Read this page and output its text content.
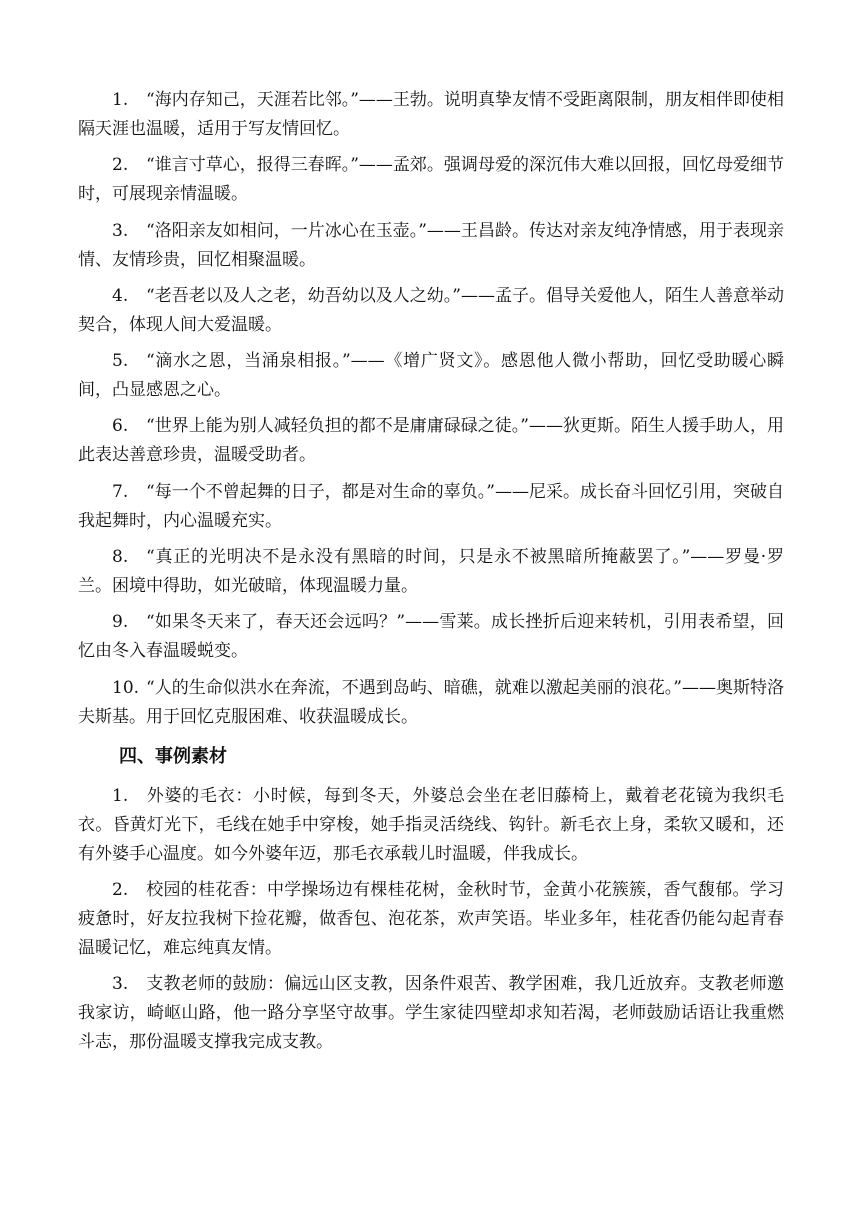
1. “海内存知己，天涯若比邻。”——王勃。说明真挚友情不受距离限制，朋友相伴即使相隔天涯也温暖，适用于写友情回忆。

2. “谁言寸草心，报得三春晖。”——孟郊。强调母爱的深沉伟大难以回报，回忆母爱细节时，可展现亲情温暖。

3. “洛阳亲友如相问，一片冰心在玉壶。”——王昌龄。传达对亲友纯净情感，用于表现亲情、友情珍贵，回忆相聚温暖。

4. “老吾老以及人之老，幼吾幼以及人之幼。”——孟子。倡导关爱他人，陌生人善意举动契合，体现人间大爱温暖。

5. “滴水之恩，当涌泉相报。”——《增广贤文》。感恩他人微小帮助，回忆受助暖心瞬间，凸显感恩之心。

6. “世界上能为别人减轻负担的都不是庸庸碌碌之徒。”——狄更斯。陌生人援手助人，用此表达善意珍贵，温暖受助者。

7. “每一个不曾起舞的日子，都是对生命的辜负。”——尼采。成长奋斗回忆引用，突破自我起舞时，内心温暖充实。

8. “真正的光明决不是永没有黑暗的时间，只是永不被黑暗所掩蔽罢了。”——罗曼·罗兰。困境中得助，如光破暗，体现温暖力量。

9. “如果冬天来了，春天还会远吗？”——雪莱。成长挫折后迎来转机，引用表希望，回忆由冬入春温暖蜕变。

10. “人的生命似洪水在奔流，不遇到岛屿、暗礁，就难以激起美丽的浪花。”——奥斯特洛夫斯基。用于回忆克服困难、收获温暖成长。

四、事例素材

1. 外婆的毛衣：小时候，每到冬天，外婆总会坐在老旧藤椅上，戴着老花镜为我织毛衣。昏黄灯光下，毛线在她手中穿梭，她手指灵活绕线、钩针。新毛衣上身，柔软又暖和，还有外婆手心温度。如今外婆年迈，那毛衣承载儿时温暖，伴我成长。

2. 校园的桂花香：中学操场边有棵桂花树，金秋时节，金黄小花簇簇，香气馥郁。学习疲惫时，好友拉我树下捡花瓣，做香包、泡花茶，欢声笑语。毕业多年，桂花香仍能勾起青春温暖记忆，难忘纯真友情。

3. 支教老师的鼓励：偏远山区支教，因条件艰苦、教学困难，我几近放弃。支教老师邀我家访，崎岖山路，他一路分享坚守故事。学生家徒四壁却求知若渴，老师鼓励话语让我重燃斗志，那份温暖支撑我完成支教。
